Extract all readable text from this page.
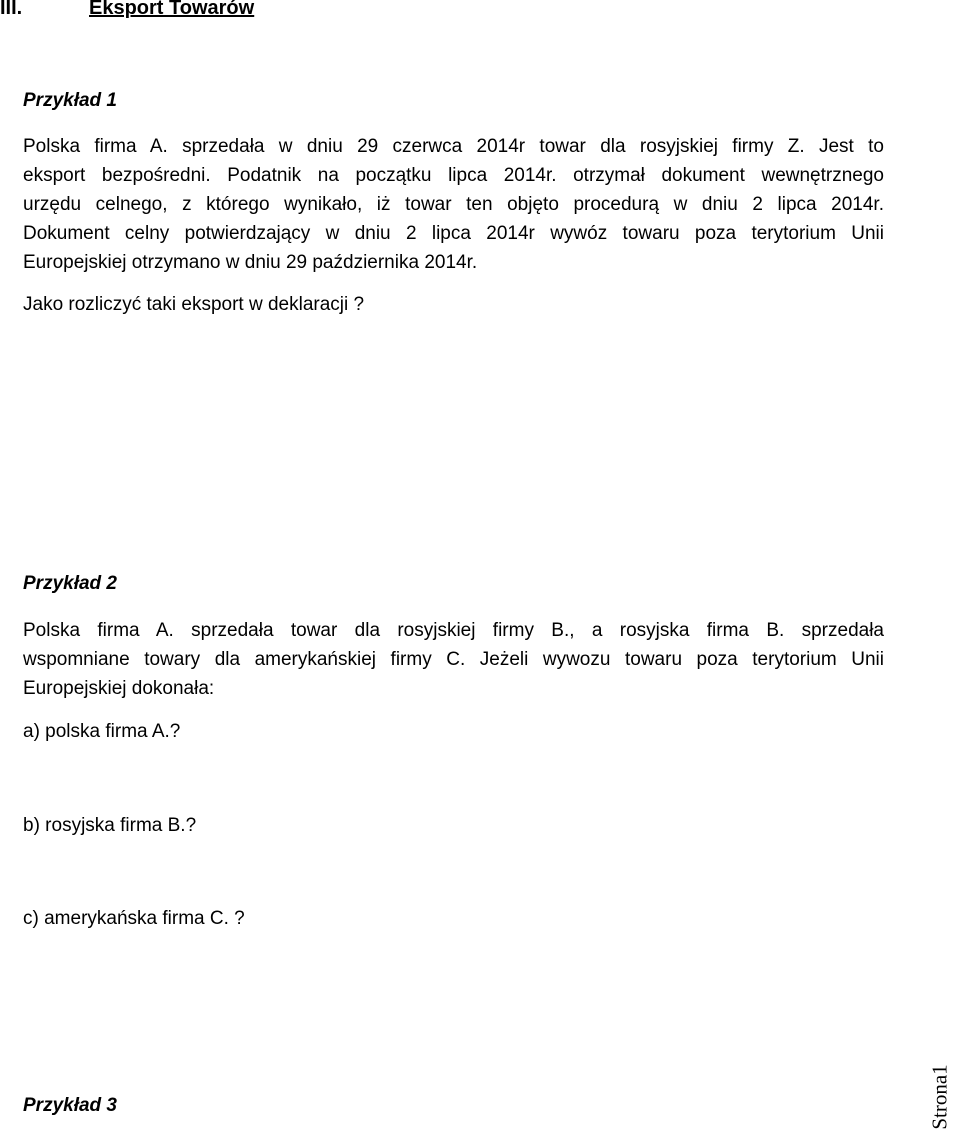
III.	Eksport Towarów
Przykład 1
Polska firma A. sprzedała w dniu 29 czerwca 2014r towar dla rosyjskiej firmy Z. Jest to
eksport bezpośredni. Podatnik na początku lipca 2014r. otrzymał dokument wewnętrznego
urzędu celnego, z którego wynikało, iż towar ten objęto procedurą w dniu 2 lipca 2014r.
Dokument celny potwierdzający w dniu 2 lipca 2014r wywóz towaru poza terytorium Unii
Europejskiej otrzymano w dniu 29 października 2014r.
Jako rozliczyć taki eksport w deklaracji ?
Przykład 2
Polska firma A. sprzedała towar dla rosyjskiej firmy B., a rosyjska firma B. sprzedała
wspomniane towary dla amerykańskiej firmy C. Jeżeli wywozu towaru poza terytorium Unii
Europejskiej dokonała:
a) polska firma A.?
b) rosyjska firma B.?
c) amerykańska firma C. ?
Przykład 3	Strona1
